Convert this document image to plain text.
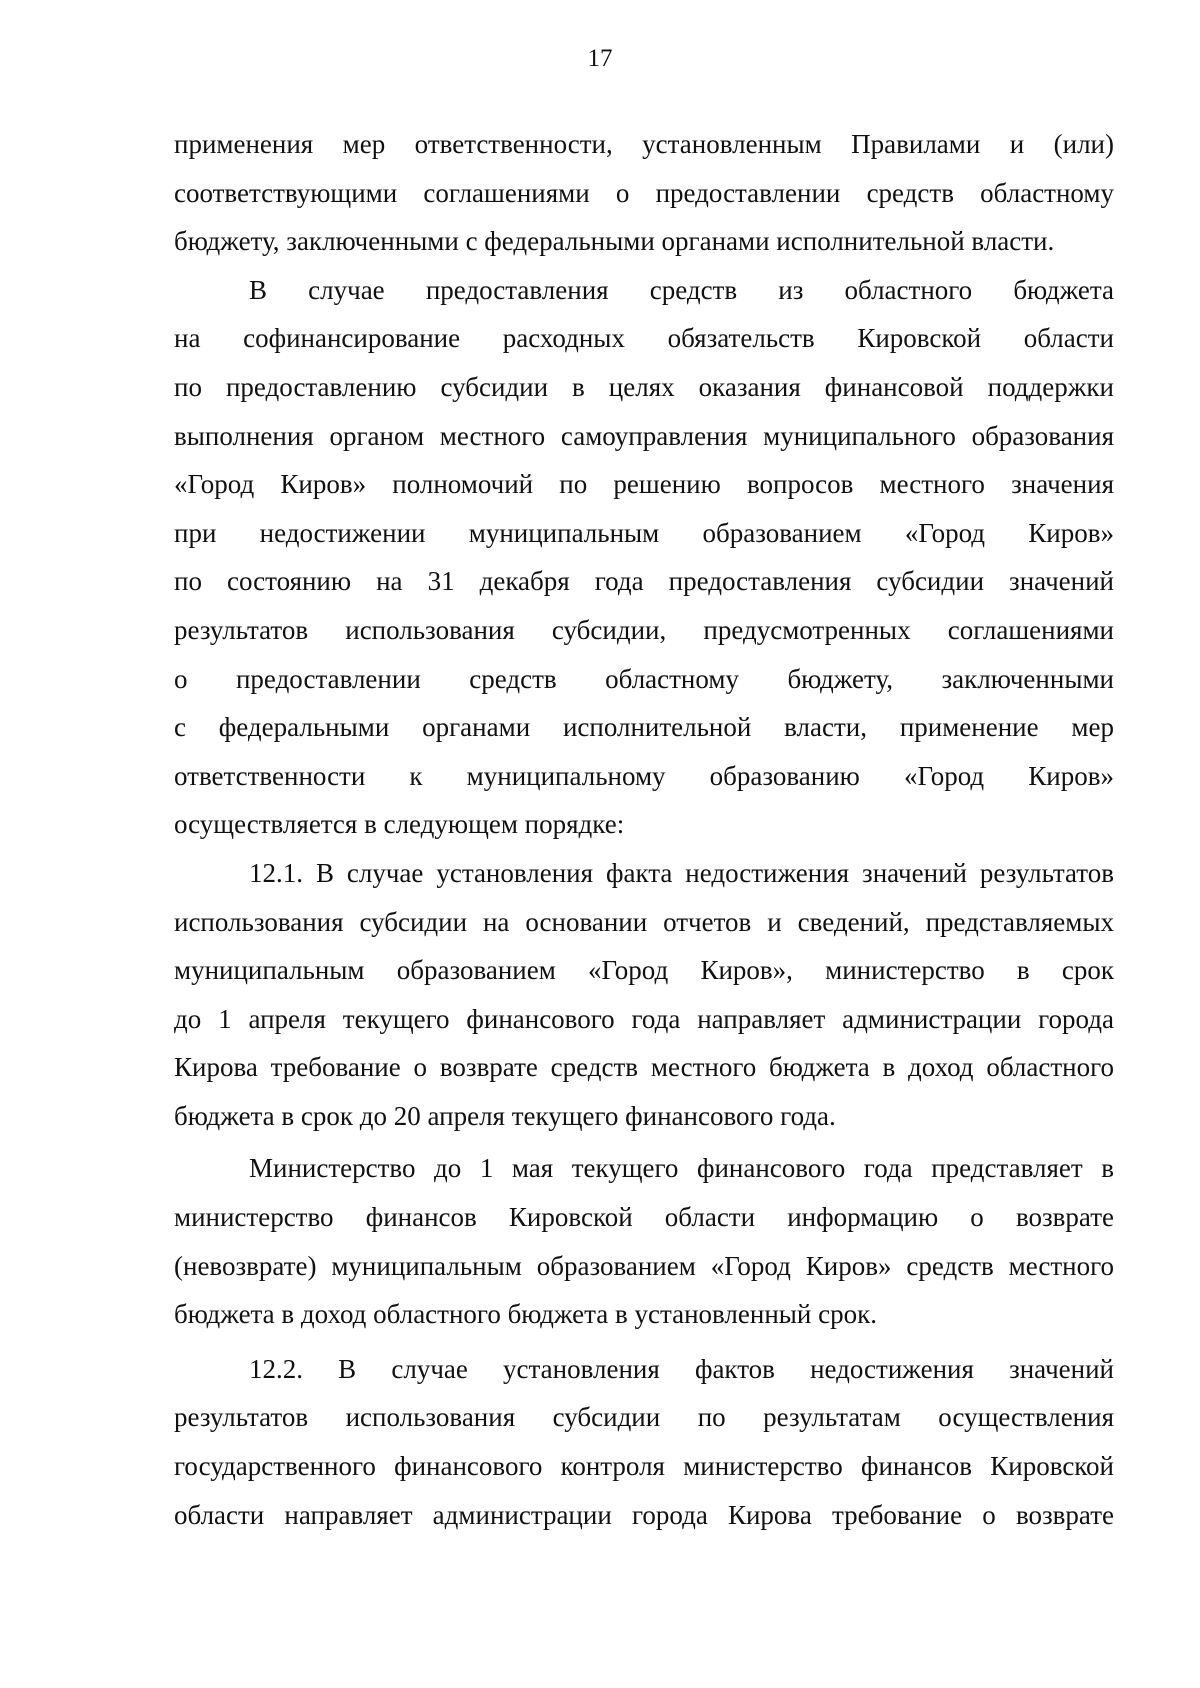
17
применения мер ответственности, установленным Правилами и (или)
соответствующими соглашениями о предоставлении средств областному
бюджету, заключенными с федеральными органами исполнительной власти.
В случае предоставления средств из областного бюджета
на софинансирование расходных обязательств Кировской области
по предоставлению субсидии в целях оказания финансовой поддержки
выполнения органом местного самоуправления муниципального образования
«Город Киров» полномочий по решению вопросов местного значения
при недостижении муниципальным образованием «Город Киров»
по состоянию на 31 декабря года предоставления субсидии значений
результатов использования субсидии, предусмотренных соглашениями
о предоставлении средств областному бюджету, заключенными
с федеральными органами исполнительной власти, применение мер
ответственности к муниципальному образованию «Город Киров»
осуществляется в следующем порядке:
12.1. В случае установления факта недостижения значений результатов
использования субсидии на основании отчетов и сведений, представляемых
муниципальным образованием «Город Киров», министерство в срок
до 1 апреля текущего финансового года направляет администрации города
Кирова требование о возврате средств местного бюджета в доход областного
бюджета в срок до 20 апреля текущего финансового года.
Министерство до 1 мая текущего финансового года представляет в
министерство финансов Кировской области информацию о возврате
(невозврате) муниципальным образованием «Город Киров» средств местного
бюджета в доход областного бюджета в установленный срок.
12.2. В случае установления фактов недостижения значений
результатов использования субсидии по результатам осуществления
государственного финансового контроля министерство финансов Кировской
области направляет администрации города Кирова требование о возврате
